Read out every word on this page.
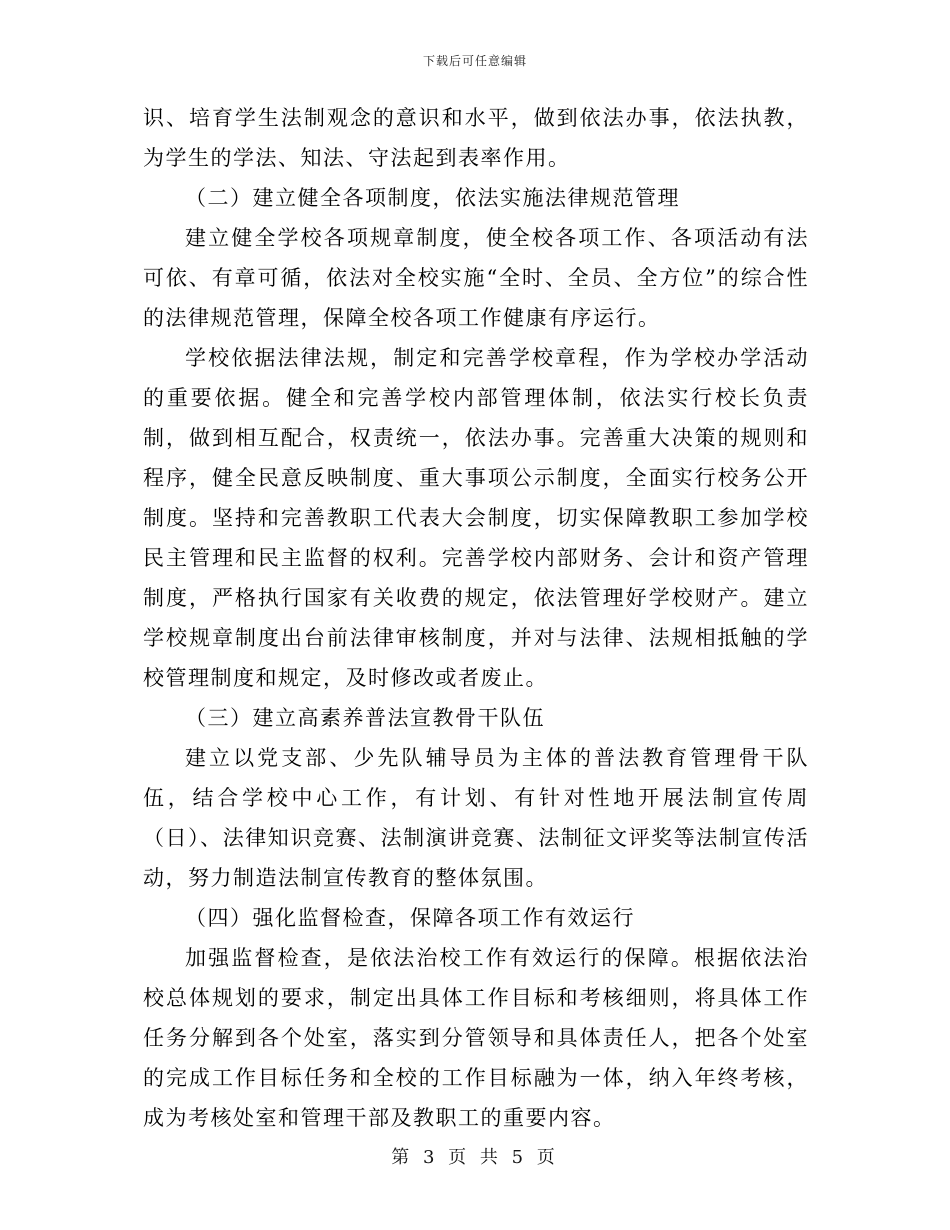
下载后可任意编辑

识、培育学生法制观念的意识和水平，做到依法办事，依法执教，为学生的学法、知法、守法起到表率作用。

（二）建立健全各项制度，依法实施法律规范管理

建立健全学校各项规章制度，使全校各项工作、各项活动有法可依、有章可循，依法对全校实施“全时、全员、全方位”的综合性的法律规范管理，保障全校各项工作健康有序运行。

学校依据法律法规，制定和完善学校章程，作为学校办学活动的重要依据。健全和完善学校内部管理体制，依法实行校长负责制，做到相互配合，权责统一，依法办事。完善重大决策的规则和程序，健全民意反映制度、重大事项公示制度，全面实行校务公开制度。坚持和完善教职工代表大会制度，切实保障教职工参加学校民主管理和民主监督的权利。完善学校内部财务、会计和资产管理制度，严格执行国家有关收费的规定，依法管理好学校财产。建立学校规章制度出台前法律审核制度，并对与法律、法规相抵触的学校管理制度和规定，及时修改或者废止。

（三）建立高素养普法宣教骨干队伍

建立以党支部、少先队辅导员为主体的普法教育管理骨干队伍，结合学校中心工作，有计划、有针对性地开展法制宣传周（日）、法律知识竞赛、法制演讲竞赛、法制征文评奖等法制宣传活动，努力制造法制宣传教育的整体氛围。

（四）强化监督检查，保障各项工作有效运行

加强监督检查，是依法治校工作有效运行的保障。根据依法治校总体规划的要求，制定出具体工作目标和考核细则，将具体工作任务分解到各个处室，落实到分管领导和具体责任人，把各个处室的完成工作目标任务和全校的工作目标融为一体，纳入年终考核，成为考核处室和管理干部及教职工的重要内容。

第 3 页 共 5 页
